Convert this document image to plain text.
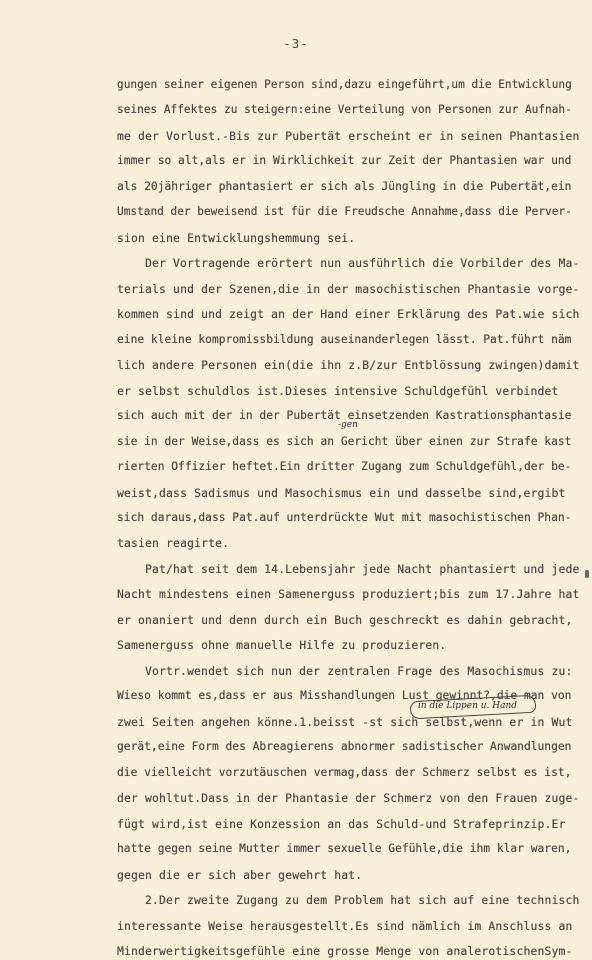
-3-
gungen seiner eigenen Person sind,dazu eingeführt,um die Entwicklung
seines Affektes zu steigern:eine Verteilung von Personen zur Aufnah-
me der Vorlust.-Bis zur Pubertät erscheint er in seinen Phantasien
immer so alt,als er in Wirklichkeit zur Zeit der Phantasien war und
als 20jähriger phantasiert er sich als Jüngling in die Pubertät,ein
Umstand der beweisend ist für die Freudsche Annahme,dass die Perver-
sion eine Entwicklungshemmung sei.
Der Vortragende erörtert nun ausführlich die Vorbilder des Ma-
terials und der Szenen,die in der masochistischen Phantasie vorge-
kommen sind und zeigt an der Hand einer Erklärung des Pat.wie sich
eine kleine kompromissbildung auseinanderlegen lässt. Pat.führt näm
lich andere Personen ein(die ihn z.B/zur Entblössung zwingen)damit
er selbst schuldlos ist.Dieses intensive Schuldgefühl verbindet
sich auch mit der in der Pubertät einsetzenden Kastrationsphantasie
sie in der Weise,dass es sich an Gericht über einen zur Strafe kast
-gen
rierten Offizier heftet.Ein dritter Zugang zum Schuldgefühl,der be-
weist,dass Sadismus und Masochismus ein und dasselbe sind,ergibt
sich daraus,dass Pat.auf unterdrückte Wut mit masochistischen Phan-
tasien reagirte.
Pat/hat seit dem 14.Lebensjahr jede Nacht phantasiert und jede
Nacht mindestens einen Samenerguss produziert;bis zum 17.Jahre hat
er onaniert und denn durch ein Buch geschreckt es dahin gebracht,
Samenerguss ohne manuelle Hilfe zu produzieren.
Vortr.wendet sich nun der zentralen Frage des Masochismus zu:
Wieso kommt es,dass er aus Misshandlungen Lust gewinnt?,die man von
in die Lippen u. Hand
zwei Seiten angehen könne.1.beisst -st sich selbst,wenn er in Wut
gerät,eine Form des Abreagierens abnormer sadistischer Anwandlungen
die vielleicht vorzutäuschen vermag,dass der Schmerz selbst es ist,
der wohltut.Dass in der Phantasie der Schmerz von den Frauen zuge-
fügt wird,ist eine Konzession an das Schuld-und Strafeprinzip.Er
hatte gegen seine Mutter immer sexuelle Gefühle,die ihm klar waren,
gegen die er sich aber gewehrt hat.
2.Der zweite Zugang zu dem Problem hat sich auf eine technisch
interessante Weise herausgestellt.Es sind nämlich im Anschluss an
Minderwertigkeitsgefühle eine grosse Menge von analerotischenSym-
